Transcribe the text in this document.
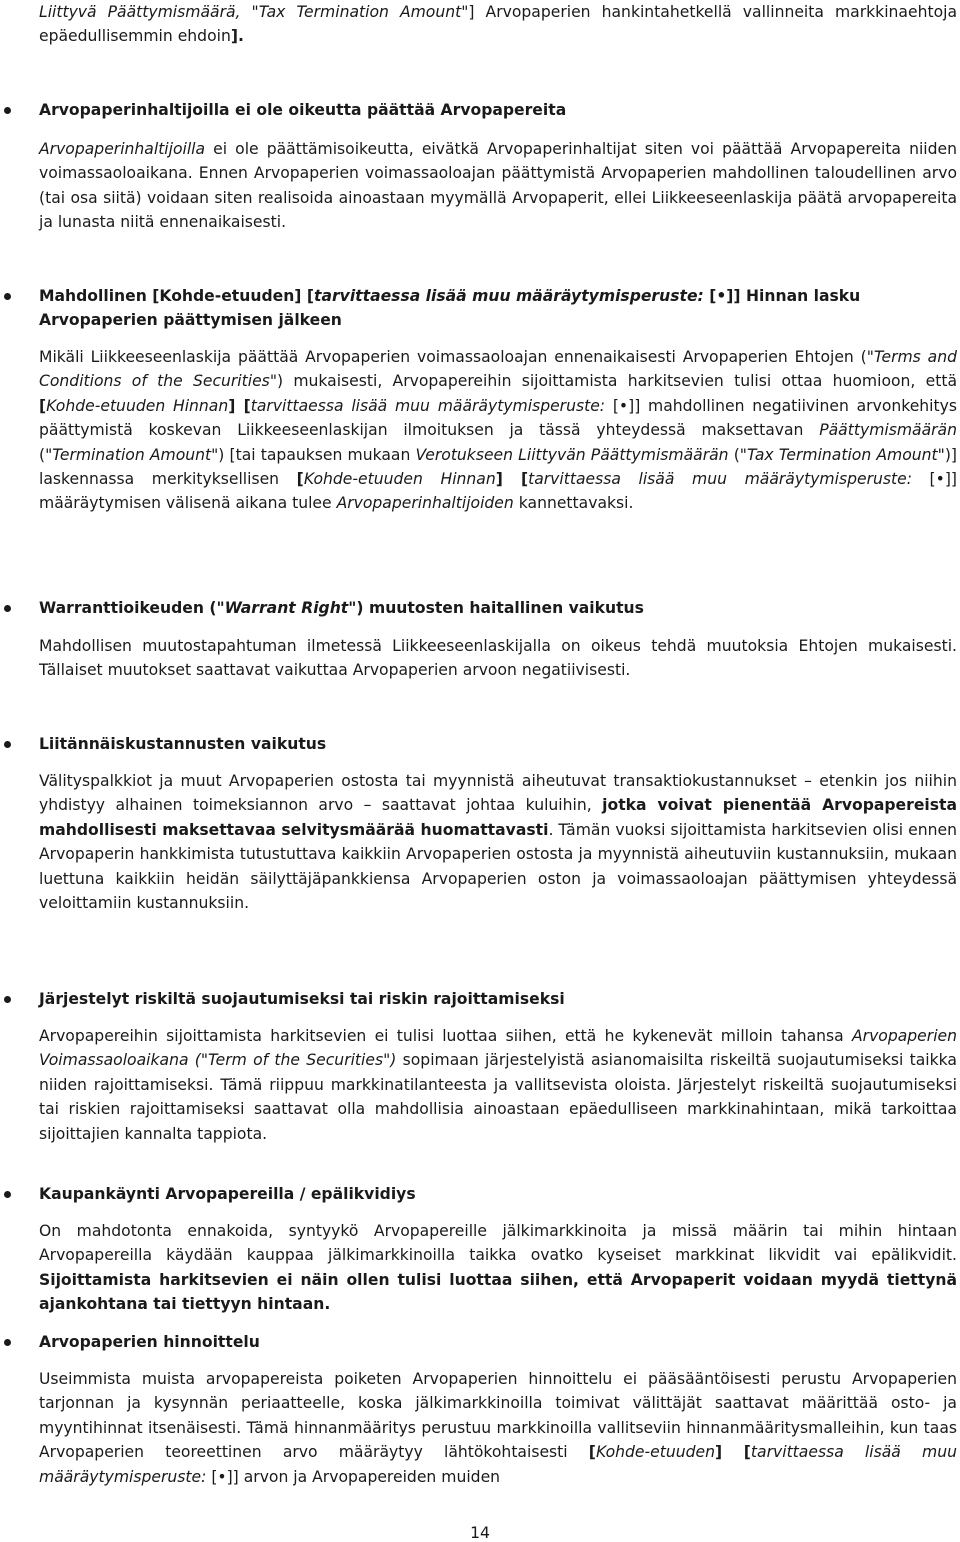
Liittyvä Päättymismäärä, "Tax Termination Amount"] Arvopaperien hankintahetkellä vallinneita markkinaehtoja epäedullisemmin ehdoin].

Arvopaperinhaltijoilla ei ole oikeutta päättää Arvopapereita

Arvopaperinhaltijoilla ei ole päättämisoikeutta, eivätkä Arvopaperinhaltijat siten voi päättää Arvopapereita niiden voimassaoloaikana. Ennen Arvopaperien voimassaoloajan päättymistä Arvopaperien mahdollinen taloudellinen arvo (tai osa siitä) voidaan siten realisoida ainoastaan myymällä Arvopaperit, ellei Liikkeeseenlaskija päätä arvopapereita ja lunasta niitä ennenaikaisesti.

Mahdollinen [Kohde-etuuden] [tarvittaessa lisää muu määräytymisperuste: [•]] Hinnan lasku Arvopaperien päättymisen jälkeen

Mikäli Liikkeeseenlaskija päättää Arvopaperien voimassaoloajan ennenaikaisesti Arvopaperien Ehtojen ("Terms and Conditions of the Securities") mukaisesti, Arvopapereihin sijoittamista harkitsevien tulisi ottaa huomioon, että [Kohde-etuuden Hinnan] [tarvittaessa lisää muu määräytymisperuste: [•]] mahdollinen negatiivinen arvonkehitys päättymistä koskevan Liikkeeseenlaskijan ilmoituksen ja tässä yhteydessä maksettavan Päättymismäärän ("Termination Amount") [tai tapauksen mukaan Verotukseen Liittyvän Päättymismäärän ("Tax Termination Amount")] laskennassa merkityksellisen [Kohde-etuuden Hinnan] [tarvittaessa lisää muu määräytymisperuste: [•]] määräytymisen välisenä aikana tulee Arvopaperinhaltijoiden kannettavaksi.

Warranttioikeuden ("Warrant Right") muutosten haitallinen vaikutus

Mahdollisen muutostapahtuman ilmetessä Liikkeeseenlaskijalla on oikeus tehdä muutoksia Ehtojen mukaisesti. Tällaiset muutokset saattavat vaikuttaa Arvopaperien arvoon negatiivisesti.

Liitännäiskustannusten vaikutus

Välityspalkkiot ja muut Arvopaperien ostosta tai myynnistä aiheutuvat transaktiokustannukset – etenkin jos niihin yhdistyy alhainen toimeksiannon arvo – saattavat johtaa kuluihin, jotka voivat pienentää Arvopapereista mahdollisesti maksettavaa selvitysmäärää huomattavasti. Tämän vuoksi sijoittamista harkitsevien olisi ennen Arvopaperin hankkimista tutustuttava kaikkiin Arvopaperien ostosta ja myynnistä aiheutuviin kustannuksiin, mukaan luettuna kaikkiin heidän säilyttäjäpankkiensa Arvopaperien oston ja voimassaoloajan päättymisen yhteydessä veloittamiin kustannuksiin.

Järjestelyt riskiltä suojautumiseksi tai riskin rajoittamiseksi

Arvopapereihin sijoittamista harkitsevien ei tulisi luottaa siihen, että he kykenevät milloin tahansa Arvopaperien Voimassaoloaikana ("Term of the Securities") sopimaan järjestelyistä asianomaisilta riskeiltä suojautumiseksi taikka niiden rajoittamiseksi. Tämä riippuu markkinatilanteesta ja vallitsevista oloista. Järjestelyt riskeiltä suojautumiseksi tai riskien rajoittamiseksi saattavat olla mahdollisia ainoastaan epäedulliseen markkinahintaan, mikä tarkoittaa sijoittajien kannalta tappiota.

Kaupankäynti Arvopapereilla / epälikvidiys

On mahdotonta ennakoida, syntyykö Arvopapereille jälkimarkkinoita ja missä määrin tai mihin hintaan Arvopapereilla käydään kauppaa jälkimarkkinoilla taikka ovatko kyseiset markkinat likvidit vai epälikvidit. Sijoittamista harkitsevien ei näin ollen tulisi luottaa siihen, että Arvopaperit voidaan myydä tiettynä ajankohtana tai tiettyyn hintaan.

Arvopaperien hinnoittelu

Useimmista muista arvopapereista poiketen Arvopaperien hinnoittelu ei pääsääntöisesti perustu Arvopaperien tarjonnan ja kysynnän periaatteelle, koska jälkimarkkinoilla toimivat välittäjät saattavat määrittää osto- ja myyntihinnat itsenäisesti. Tämä hinnanmääritys perustuu markkinoilla vallitseviin hinnanmääritysmalleihin, kun taas Arvopaperien teoreettinen arvo määräytyy lähtökohtaisesti [Kohde-etuuden] [tarvittaessa lisää muu määräytymisperuste: [•]] arvon ja Arvopapereiden muiden

14
